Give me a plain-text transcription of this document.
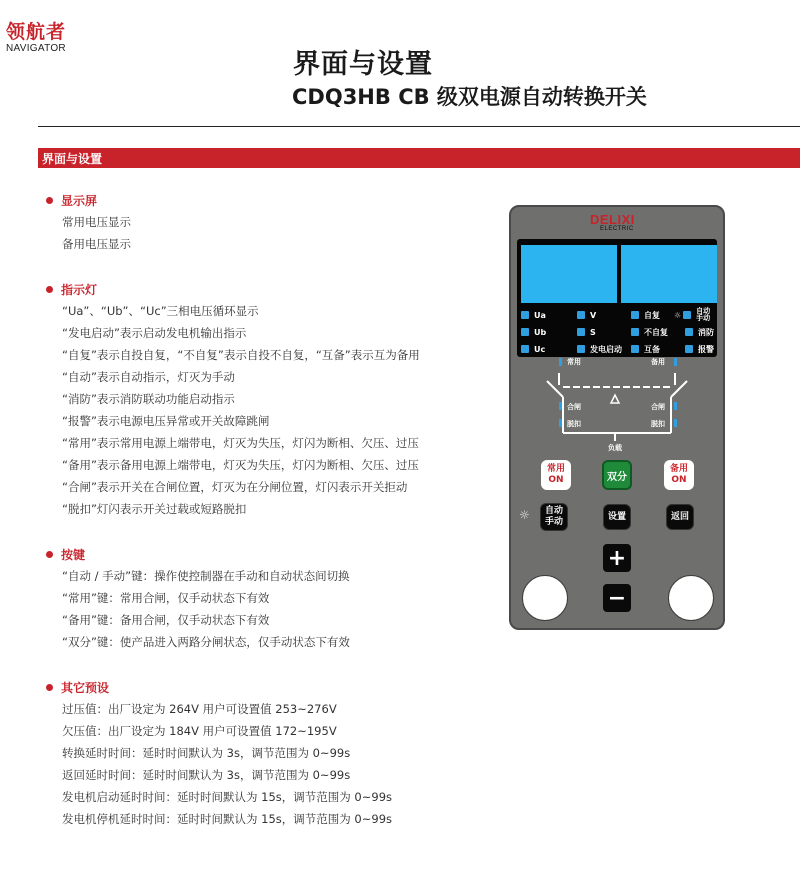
领航者
NAVIGATOR
界面与设置
CDQ3HB CB 级双电源自动转换开关
界面与设置
显示屏
常用电压显示
备用电压显示
指示灯
“Ua”、“Ub”、“Uc”三相电压循环显示
“发电启动”表示启动发电机输出指示
“自复”表示自投自复，“不自复”表示自投不自复，“互备”表示互为备用
“自动”表示自动指示，灯灭为手动
“消防”表示消防联动功能启动指示
“报警”表示电源电压异常或开关故障跳闸
“常用”表示常用电源上端带电，灯灭为失压，灯闪为断相、欠压、过压
“备用”表示备用电源上端带电，灯灭为失压，灯闪为断相、欠压、过压
“合闸”表示开关在合闸位置，灯灭为在分闸位置，灯闪表示开关拒动
“脱扣”灯闪表示开关过载或短路脱扣
按键
“自动 / 手动”键：操作使控制器在手动和自动状态间切换
“常用”键：常用合闸，仅手动状态下有效
“备用”键：备用合闸，仅手动状态下有效
“双分”键：使产品进入两路分闸状态，仅手动状态下有效
其它预设
过压值：出厂设定为 264V 用户可设置值 253~276V
欠压值：出厂设定为 184V 用户可设置值 172~195V
转换延时时间：延时时间默认为 3s，调节范围为 0~99s
返回延时时间：延时时间默认为 3s，调节范围为 0~99s
发电机启动延时时间：延时时间默认为 15s，调节范围为 0~99s
发电机停机延时时间：延时时间默认为 15s，调节范围为 0~99s
DELIXI
ELECTRIC
Ua	V	自复 ☼ 自动
手动
Ub	S	不自复	消防
Uc	发电启动	互备	报警
常用	备用
合闸
脱扣
合闸
脱扣
负载
常用
ON	双分
备用
ON
☼ 自动
手动
设置	返回
+
−
